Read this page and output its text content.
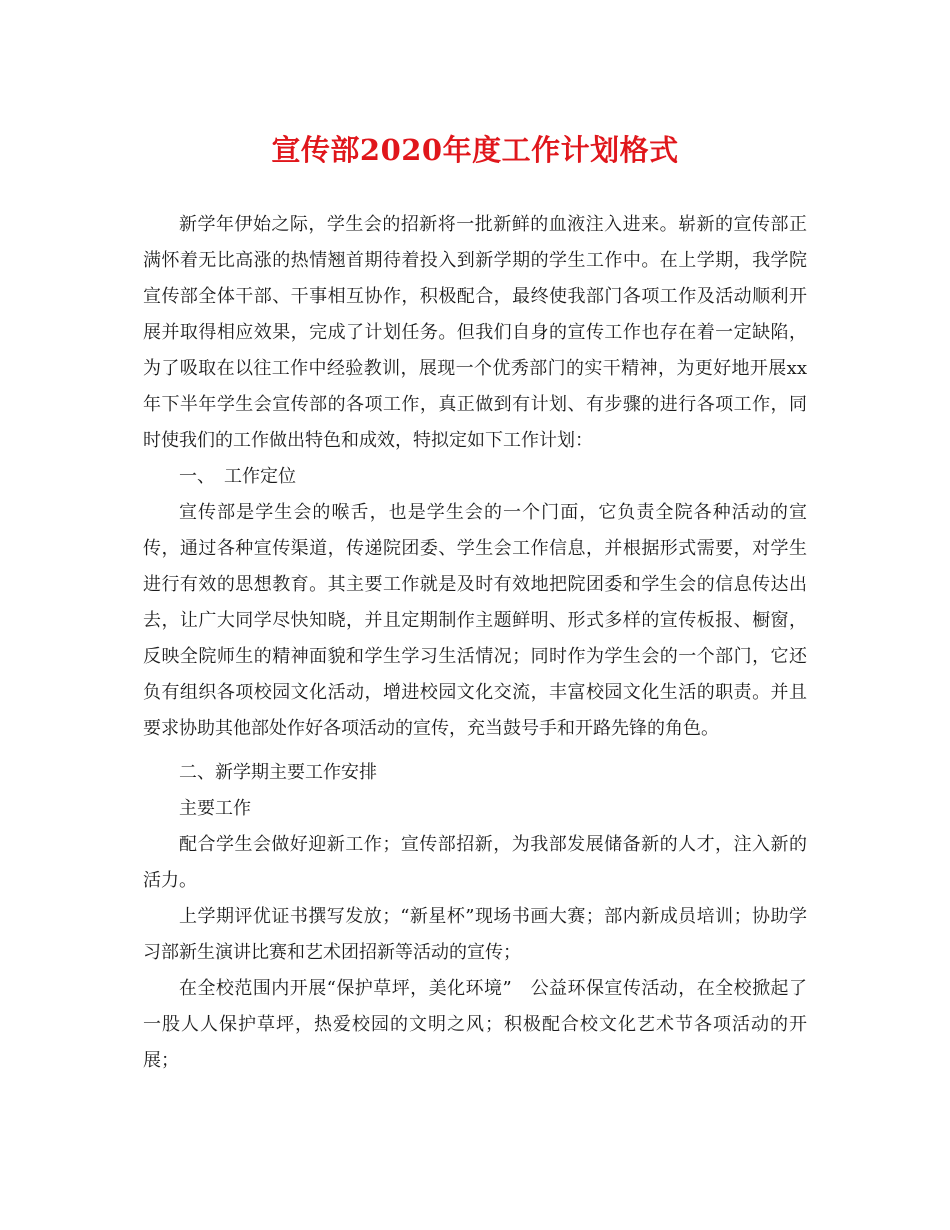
宣传部2020年度工作计划格式

新学年伊始之际，学生会的招新将一批新鲜的血液注入进来。崭新的宣传部正满怀着无比高涨的热情翘首期待着投入到新学期的学生工作中。在上学期，我学院宣传部全体干部、干事相互协作，积极配合，最终使我部门各项工作及活动顺利开展并取得相应效果，完成了计划任务。但我们自身的宣传工作也存在着一定缺陷，为了吸取在以往工作中经验教训，展现一个优秀部门的实干精神，为更好地开展xx年下半年学生会宣传部的各项工作，真正做到有计划、有步骤的进行各项工作，同时使我们的工作做出特色和成效，特拟定如下工作计划：

一、　工作定位

宣传部是学生会的喉舌，也是学生会的一个门面，它负责全院各种活动的宣传，通过各种宣传渠道，传递院团委、学生会工作信息，并根据形式需要，对学生进行有效的思想教育。其主要工作就是及时有效地把院团委和学生会的信息传达出去，让广大同学尽快知晓，并且定期制作主题鲜明、形式多样的宣传板报、橱窗，反映全院师生的精神面貌和学生学习生活情况；同时作为学生会的一个部门，它还负有组织各项校园文化活动，增进校园文化交流，丰富校园文化生活的职责。并且要求协助其他部处作好各项活动的宣传，充当鼓号手和开路先锋的角色。

二、新学期主要工作安排

主要工作

配合学生会做好迎新工作；宣传部招新，为我部发展储备新的人才，注入新的活力。

上学期评优证书撰写发放；“新星杯”现场书画大赛；部内新成员培训；协助学习部新生演讲比赛和艺术团招新等活动的宣传；

在全校范围内开展“保护草坪，美化环境”　公益环保宣传活动，在全校掀起了一股人人保护草坪，热爱校园的文明之风；积极配合校文化艺术节各项活动的开展；
